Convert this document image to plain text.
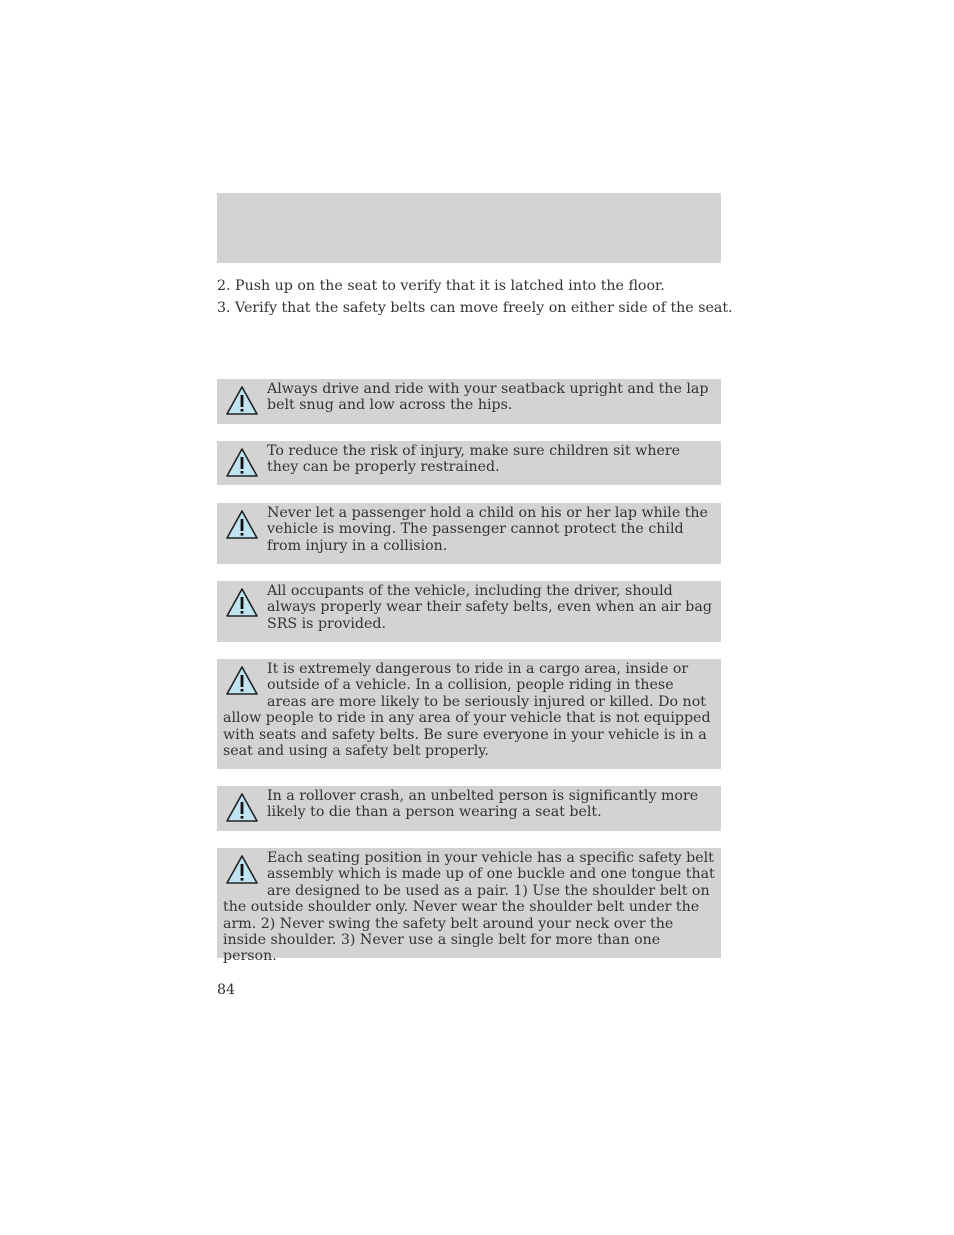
2. Push up on the seat to verify that it is latched into the floor.

3. Verify that the safety belts can move freely on either side of the seat.

Always drive and ride with your seatback upright and the lap belt snug and low across the hips.

To reduce the risk of injury, make sure children sit where they can be properly restrained.

Never let a passenger hold a child on his or her lap while the vehicle is moving. The passenger cannot protect the child from injury in a collision.

All occupants of the vehicle, including the driver, should always properly wear their safety belts, even when an air bag SRS is provided.

It is extremely dangerous to ride in a cargo area, inside or outside of a vehicle. In a collision, people riding in these areas are more likely to be seriously injured or killed. Do not allow people to ride in any area of your vehicle that is not equipped with seats and safety belts. Be sure everyone in your vehicle is in a seat and using a safety belt properly.

In a rollover crash, an unbelted person is significantly more likely to die than a person wearing a seat belt.

Each seating position in your vehicle has a specific safety belt assembly which is made up of one buckle and one tongue that are designed to be used as a pair. 1) Use the shoulder belt on the outside shoulder only. Never wear the shoulder belt under the arm. 2) Never swing the safety belt around your neck over the inside shoulder. 3) Never use a single belt for more than one person.

84
